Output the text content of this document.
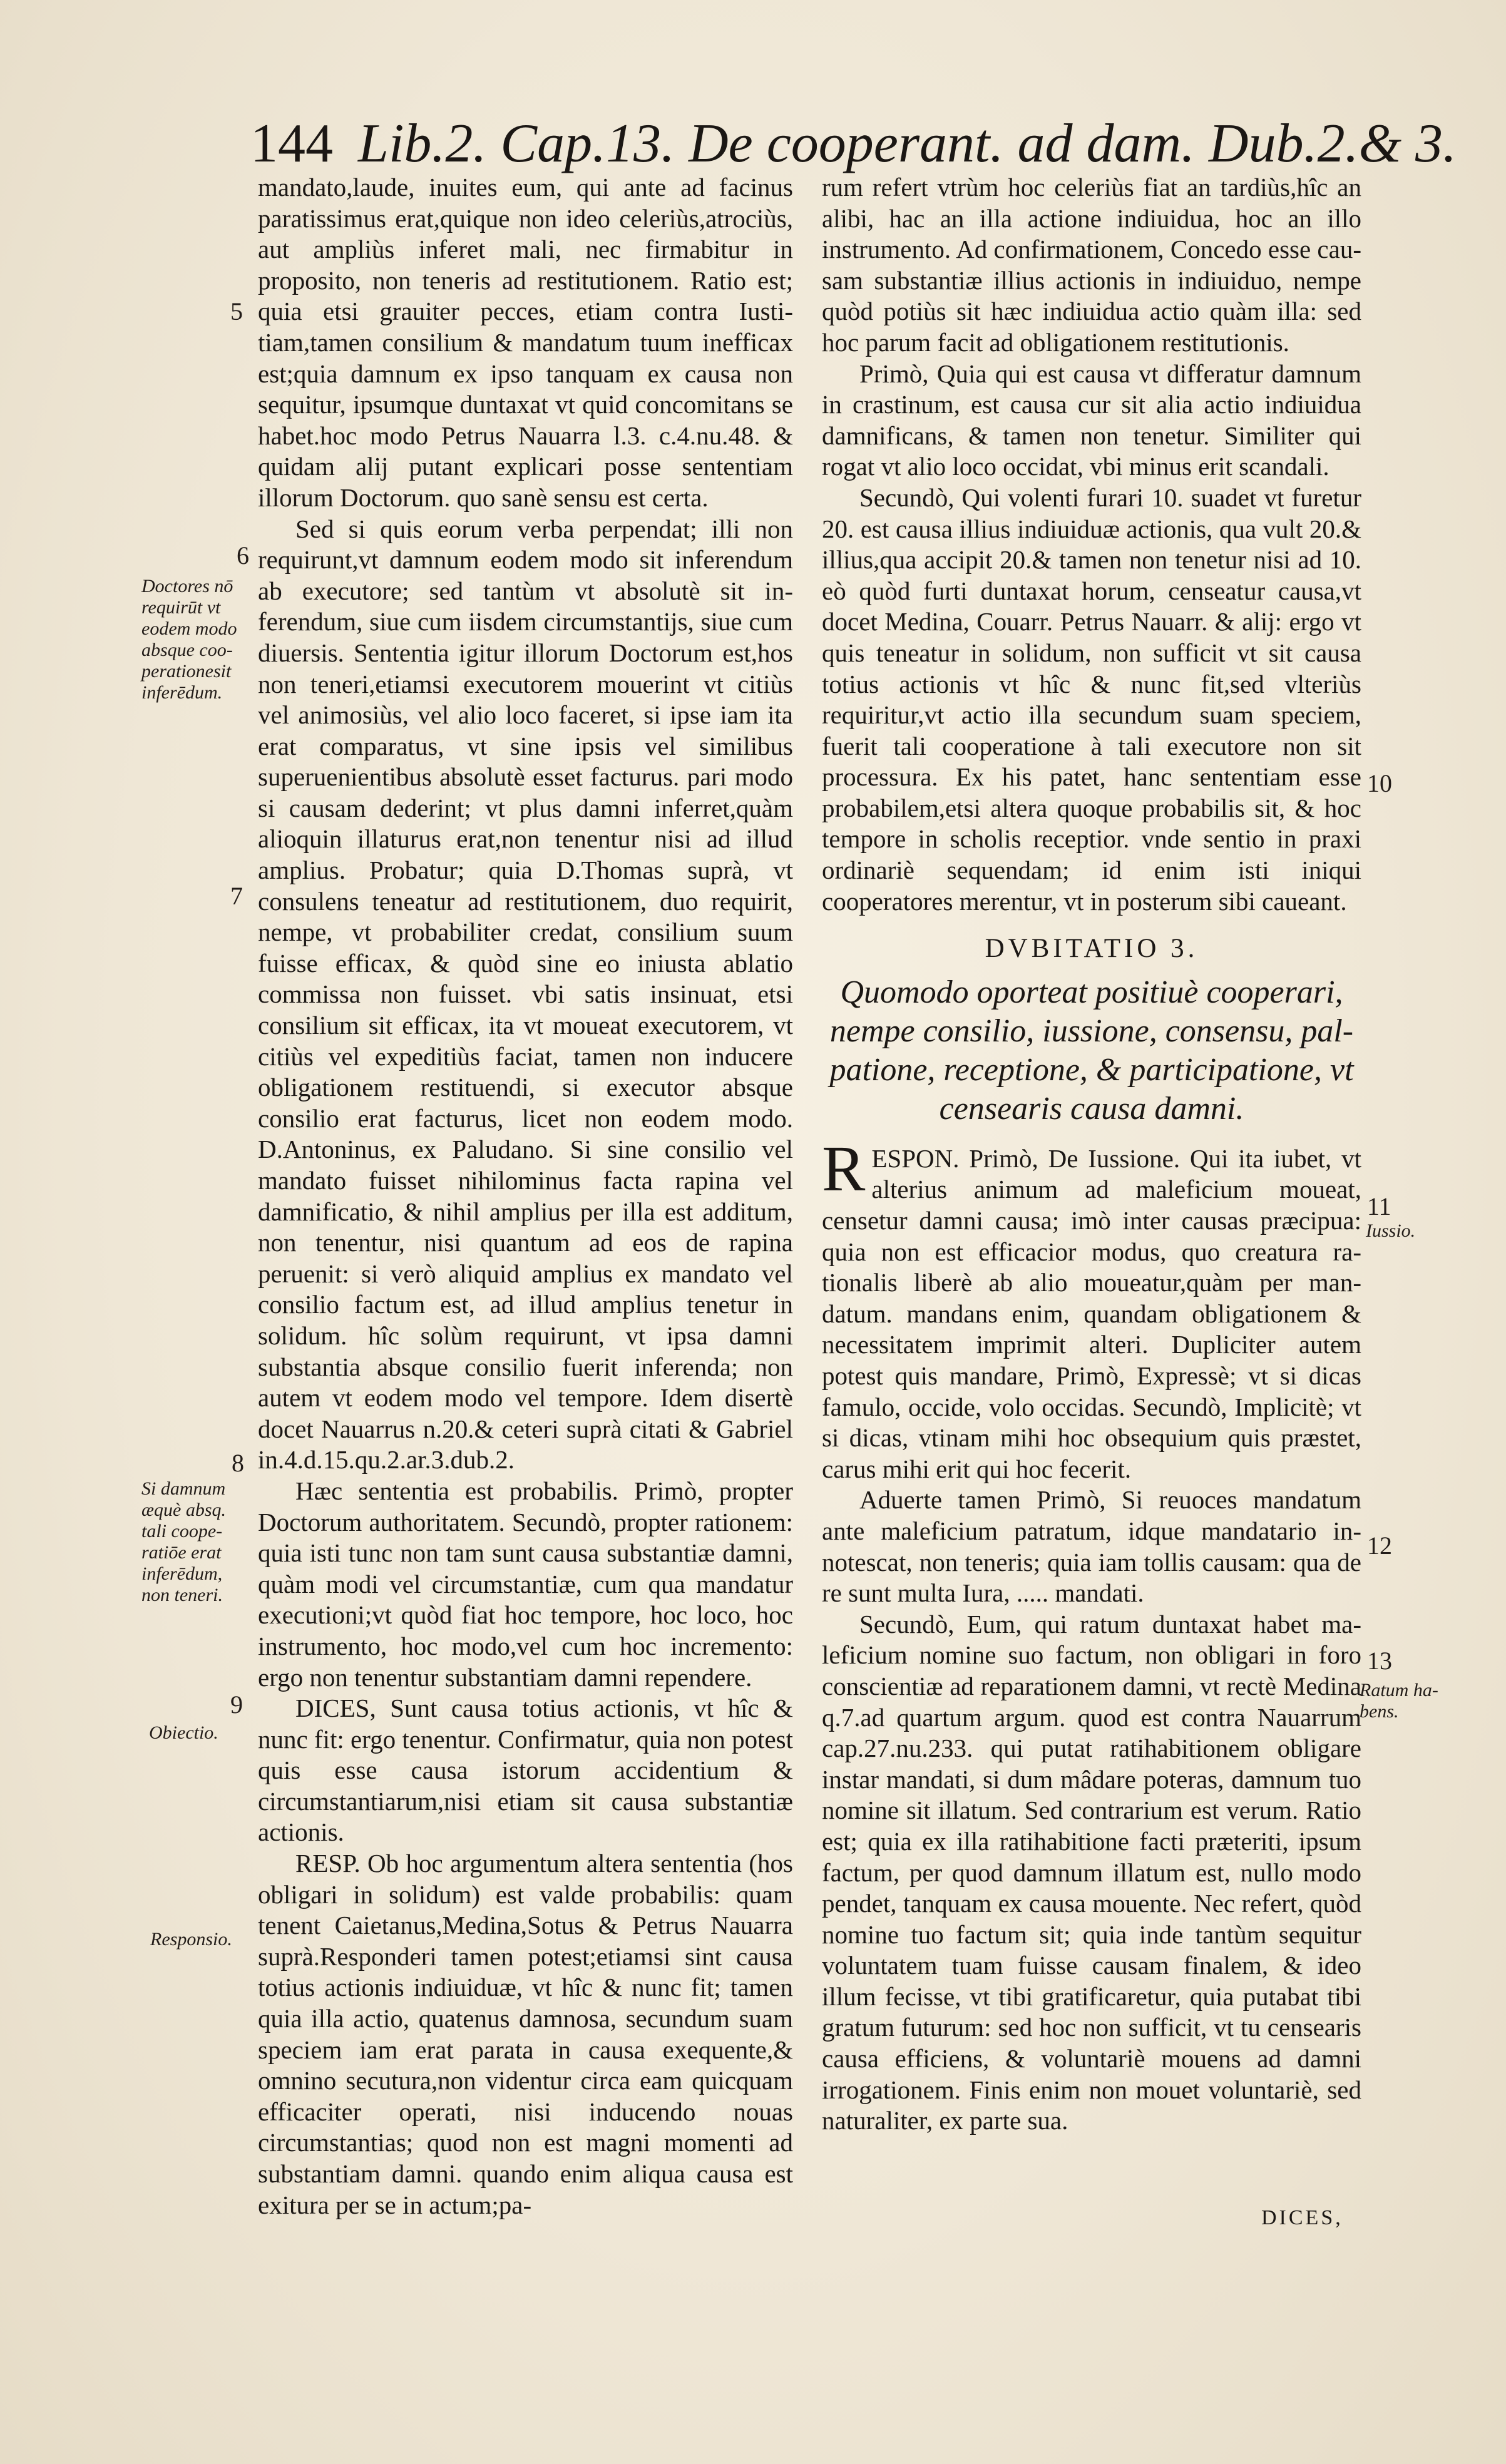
144 Lib.2. Cap.13. De cooperant. ad dam. Dub.2.& 3.

mandato,laude, inuites eum, qui ante ad facinus paratissimus erat,quique non ideo celeriùs,atrociùs, aut ampliùs inferet mali, nec firmabitur in proposito, non teneris ad restitutionem. Ratio est; quia etsi grauiter pecces, etiam contra Iustitiam,tamen consilium & mandatum tuum inefficax est;quia damnum ex ipso tanquam ex causa non sequitur, ipsumque duntaxat vt quid concomitans se habet.hoc modo Petrus Nauarra l.3. c.4.nu.48. & quidam alij putant explicari posse sententiam illorum Doctorum. quo sanè sensu est certa.

Sed si quis eorum verba perpendat; illi non requirunt,vt damnum eodem modo sit inferendum ab executore; sed tantùm vt absolutè sit inferendum, siue cum iisdem circumstantijs, siue cum diuersis. Sententia igitur illorum Doctorum est,hos non teneri,etiamsi executorem mouerint vt citiùs vel animosiùs, vel alio loco faceret, si ipse iam ita erat comparatus, vt sine ipsis vel similibus superuenientibus absolutè esset facturus. pari modo si causam dederint; vt plus damni inferret,quàm alioquin illaturus erat,non tenentur nisi ad illud amplius. Probatur; quia D.Thomas suprà, vt consulens teneatur ad restitutionem, duo requirit, nempe, vt probabiliter credat, consilium suum fuisse efficax, & quòd sine eo iniusta ablatio commissa non fuisset. vbi satis insinuat, etsi consilium sit efficax, ita vt moueat executorem, vt citiùs vel expeditiùs faciat, tamen non inducere obligationem restituendi, si executor absque consilio erat facturus, licet non eodem modo. D.Antoninus, ex Paludano. Si sine consilio vel mandato fuisset nihilominus facta rapina vel damnificatio, & nihil amplius per illa est additum, non tenentur, nisi quantum ad eos de rapina peruenit: si verò aliquid amplius ex mandato vel consilio factum est, ad illud amplius tenetur in solidum. hîc solùm requirunt, vt ipsa damni substantia absque consilio fuerit inferenda; non autem vt eodem modo vel tempore. Idem disertè docet Nauarrus n.20.& ceteri suprà citati & Gabriel in.4.d.15.qu.2.ar.3.dub.2.

Hæc sententia est probabilis. Primò, propter Doctorum authoritatem. Secundò, propter rationem: quia isti tunc non tam sunt causa substantiæ damni, quàm modi vel circumstantiæ, cum qua mandatur executioni;vt quòd fiat hoc tempore, hoc loco, hoc instrumento, hoc modo,vel cum hoc incremento: ergo non tenentur substantiam damni rependere.

DICES, Sunt causa totius actionis, vt hîc & nunc fit: ergo tenentur. Confirmatur, quia non potest quis esse causa istorum accidentium & circumstantiarum,nisi etiam sit causa substantiæ actionis.

RESP. Ob hoc argumentum altera sententia (hos obligari in solidum) est valde probabilis: quam tenent Caietanus,Medina,Sotus & Petrus Nauarra suprà.Responderi tamen potest;etiamsi sint causa totius actionis indiuiduæ, vt hîc & nunc fit; tamen quia illa actio, quatenus damnosa, secundum suam speciem iam erat parata in causa exequente,& omnino secutura,non videntur circa eam quicquam efficaciter operati, nisi inducendo nouas circumstantias; quod non est magni momenti ad substantiam damni. quando enim aliqua causa est exitura per se in actum;pa-

rum refert vtrùm hoc celeriùs fiat an tardiùs,hîc an alibi, hac an illa actione indiuidua, hoc an illo instrumento. Ad confirmationem, Concedo esse causam substantiæ illius actionis in indiuiduo, nempe quòd potiùs sit hæc indiuidua actio quàm illa: sed hoc parum facit ad obligationem restitutionis.

Primò, Quia qui est causa vt differatur damnum in crastinum, est causa cur sit alia actio indiuidua damnificans, & tamen non tenetur. Similiter qui rogat vt alio loco occidat, vbi minus erit scandali.

Secundò, Qui volenti furari 10. suadet vt furetur 20. est causa illius indiuiduæ actionis, qua vult 20.& illius,qua accipit 20.& tamen non tenetur nisi ad 10. eò quòd furti duntaxat horum, censeatur causa,vt docet Medina, Couarr. Petrus Nauarr. & alij: ergo vt quis teneatur in solidum, non sufficit vt sit causa totius actionis vt hîc & nunc fit,sed vlteriùs requiritur,vt actio illa secundum suam speciem, fuerit tali cooperatione à tali executore non sit processura. Ex his patet, hanc sententiam esse probabilem,etsi altera quoque probabilis sit, & hoc tempore in scholis receptior. vnde sentio in praxi ordinariè sequendam; id enim isti iniqui cooperatores merentur, vt in posterum sibi caueant.

DVBITATIO 3.

Quomodo oporteat positiuè cooperari, nempe consilio, iussione, consensu, palpatione, receptione, & participatione, vt censearis causa damni.

RESPON. Primò, De Iussione. Qui ita iubet, vt alterius animum ad maleficium moueat, censetur damni causa; imò inter causas præcipua: quia non est efficacior modus, quo creatura rationalis liberè ab alio moueatur,quàm per mandatum. mandans enim, quandam obligationem & necessitatem imprimit alteri. Dupliciter autem potest quis mandare, Primò, Expressè; vt si dicas famulo, occide, volo occidas. Secundò, Implicitè; vt si dicas, vtinam mihi hoc obsequium quis præstet, carus mihi erit qui hoc fecerit.

Aduerte tamen Primò, Si reuoces mandatum ante maleficium patratum, idque mandatario innotescat, non teneris; quia iam tollis causam: qua de re sunt multa Iura, ..... mandati.

Secundò, Eum, qui ratum duntaxat habet maleficium nomine suo factum, non obligari in foro conscientiæ ad reparationem damni, vt rectè Medina q.7.ad quartum argum. quod est contra Nauarrum cap.27.nu.233. qui putat ratihabitionem obligare instar mandati, si dum mâdare poteras, damnum tuo nomine sit illatum. Sed contrarium est verum. Ratio est; quia ex illa ratihabitione facti præteriti, ipsum factum, per quod damnum illatum est, nullo modo pendet, tanquam ex causa mouente. Nec refert, quòd nomine tuo factum sit; quia inde tantùm sequitur voluntatem tuam fuisse causam finalem, & ideo illum fecisse, vt tibi gratificaretur, quia putabat tibi gratum futurum: sed hoc non sufficit, vt tu censearis causa efficiens, & voluntariè mouens ad damni irrogationem. Finis enim non mouet voluntariè, sed naturaliter, ex parte sua.

5
6
Doctores nō requirūt vt eodem modo absque cooperationesit inferēdum.
7
8
Si damnum æquè absq. tali cooperatiōe erat inferēdum, non teneri.
9
Obiectio.
Responsio.
10
11
Iussio.
12
13
Ratum habens.
DICES,
